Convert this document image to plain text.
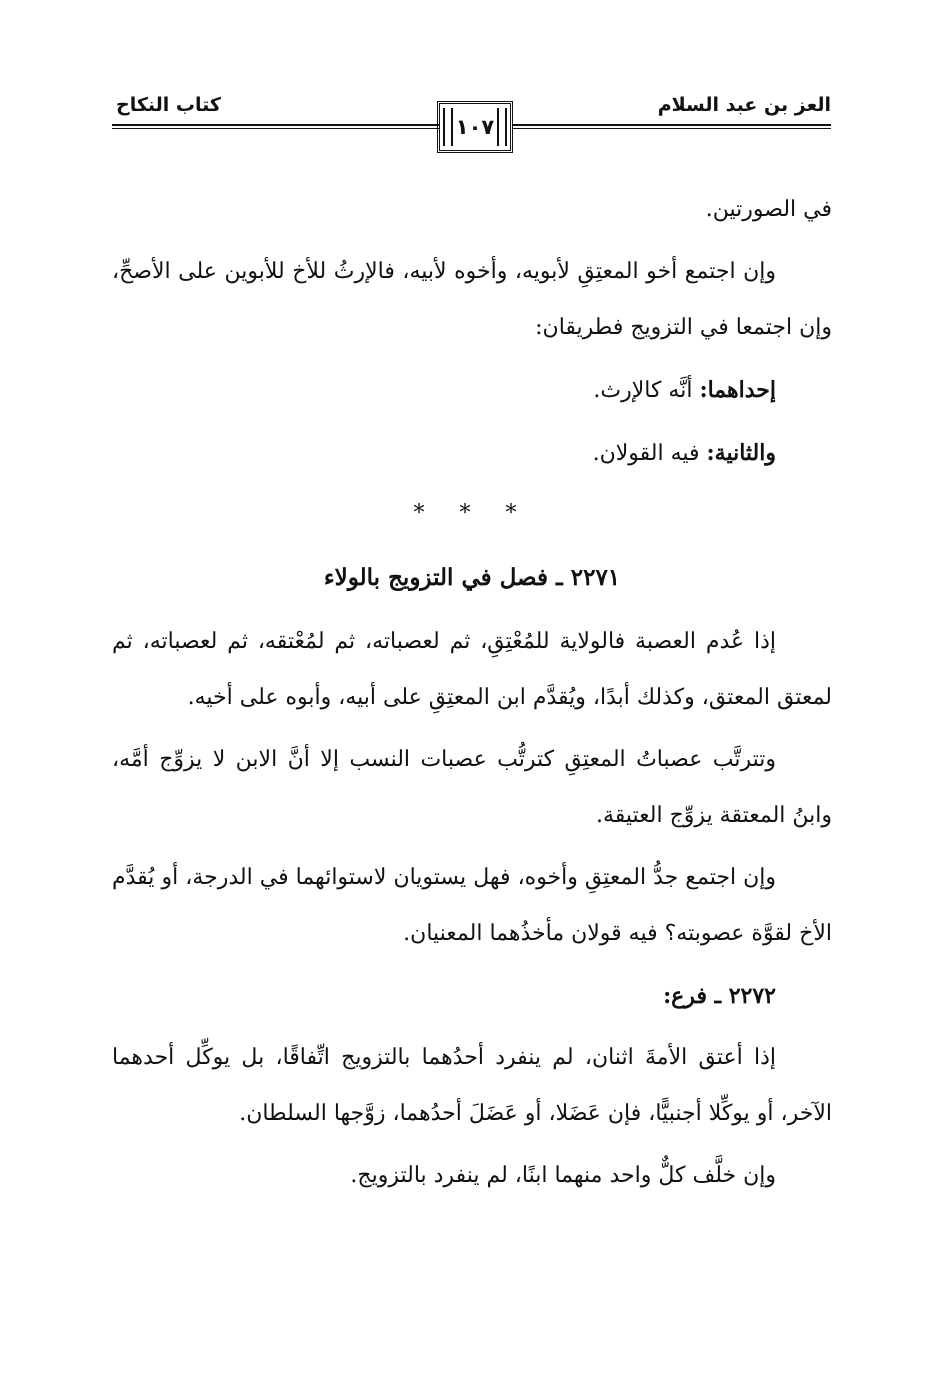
العز بن عبد السلام
كتاب النكاح
١٠٧

في الصورتين.

وإن اجتمع أخو المعتِقِ لأبويه، وأخوه لأبيه، فالإرثُ للأخ للأبوين على الأصحِّ، وإن اجتمعا في التزويج فطريقان:

إحداهما: أنَّه كالإرث.

والثانية: فيه القولان.

* * *
٢٢٧١ ـ فصل في التزويج بالولاء

إذا عُدم العصبة فالولاية للمُعْتِقِ، ثم لعصباته، ثم لمُعْتقه، ثم لعصباته، ثم لمعتق المعتق، وكذلك أبدًا، ويُقدَّم ابن المعتِقِ على أبيه، وأبوه على أخيه.

وتترتَّب عصباتُ المعتِقِ كترتُّب عصبات النسب إلا أنَّ الابن لا يزوِّج أمَّه، وابنُ المعتقة يزوِّج العتيقة.

وإن اجتمع جدُّ المعتِقِ وأخوه، فهل يستويان لاستوائهما في الدرجة، أو يُقدَّم الأخ لقوَّة عصوبته؟ فيه قولان مأخذُهما المعنيان.

٢٢٧٢ ـ فرع:

إذا أعتق الأمةَ اثنان، لم ينفرد أحدُهما بالتزويج اتِّفاقًا، بل يوكِّل أحدهما الآخر، أو يوكِّلا أجنبيًّا، فإن عَضَلا، أو عَضَلَ أحدُهما، زوَّجها السلطان.

وإن خلَّف كلٌّ واحد منهما ابنًا، لم ينفرد بالتزويج.
